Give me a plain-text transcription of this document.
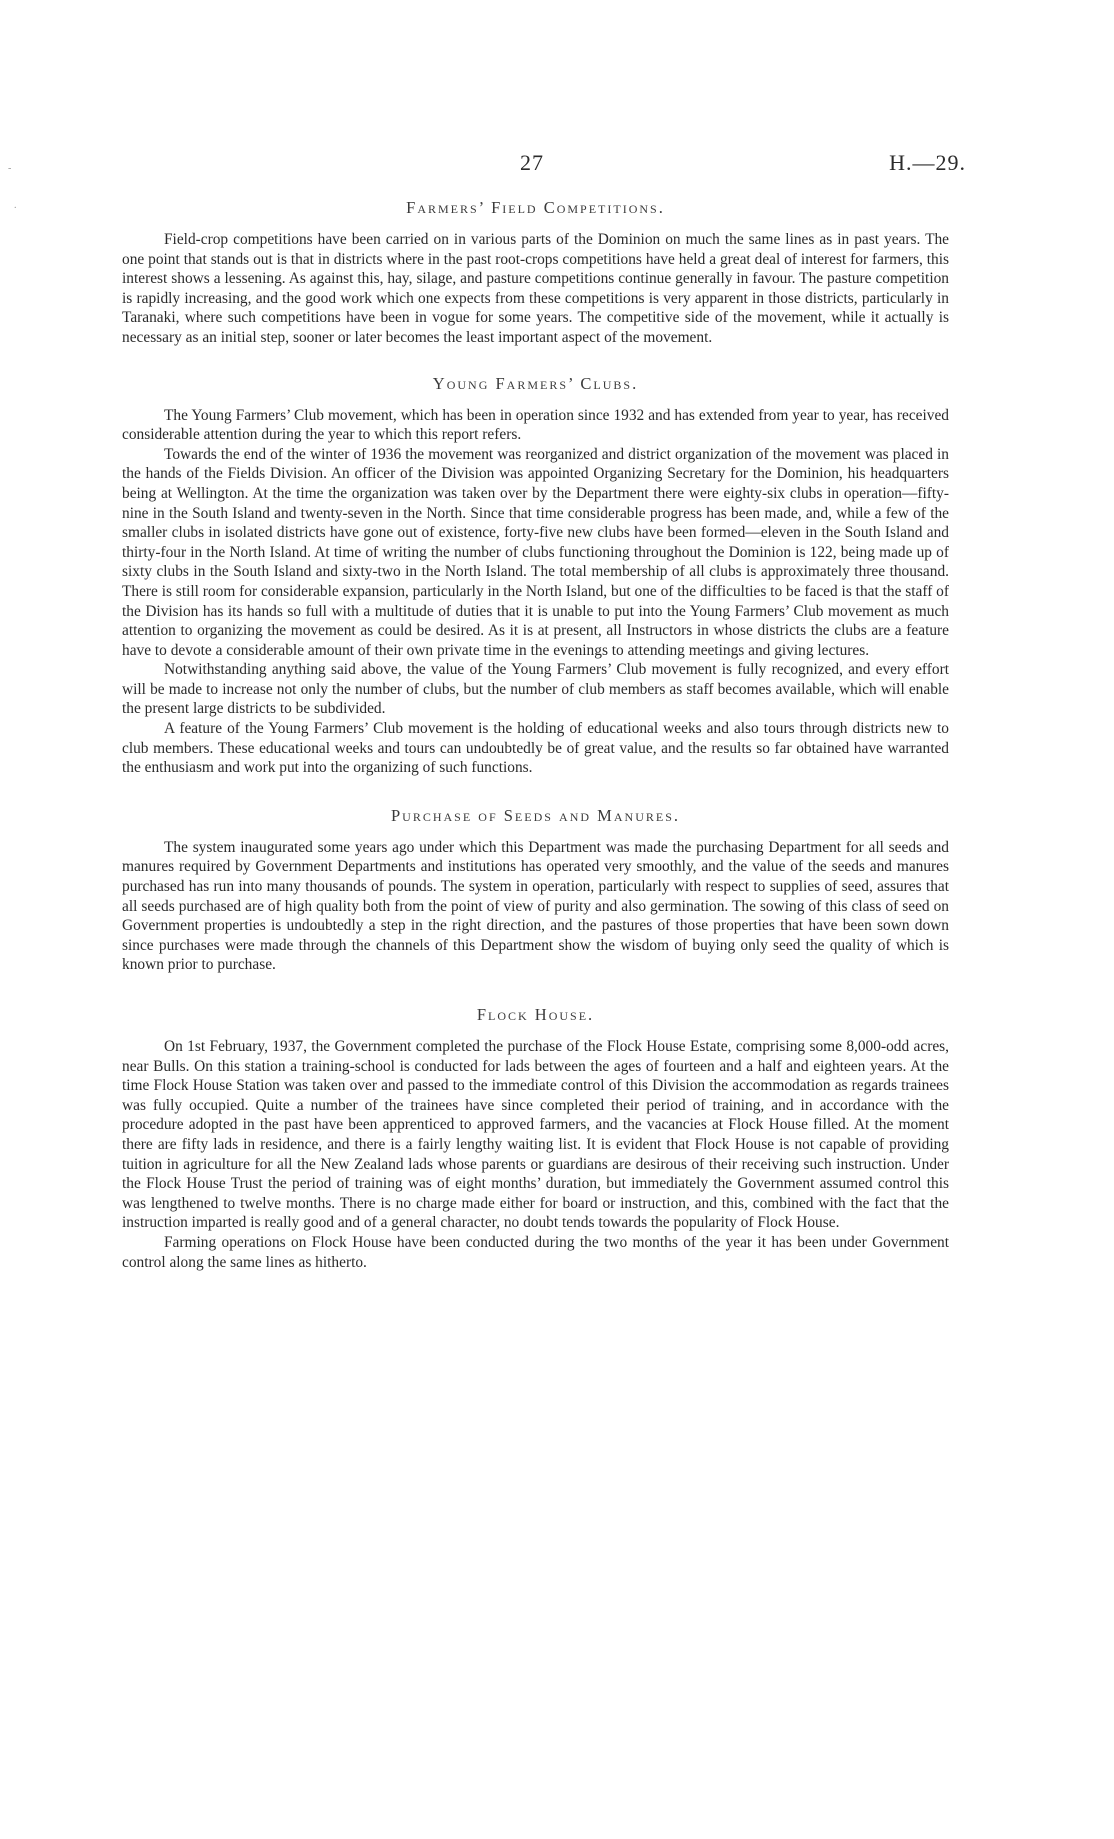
-
.
27	H.—29.
Farmers’ Field Competitions.

Field-crop competitions have been carried on in various parts of the Dominion on much the same lines as in past years. The one point that stands out is that in districts where in the past root-crops competitions have held a great deal of interest for farmers, this interest shows a lessening. As against this, hay, silage, and pasture competitions continue generally in favour. The pasture competition is rapidly increasing, and the good work which one expects from these competitions is very apparent in those districts, particularly in Taranaki, where such competitions have been in vogue for some years. The competitive side of the movement, while it actually is necessary as an initial step, sooner or later becomes the least important aspect of the movement.

Young Farmers’ Clubs.

The Young Farmers’ Club movement, which has been in operation since 1932 and has extended from year to year, has received considerable attention during the year to which this report refers.

Towards the end of the winter of 1936 the movement was reorganized and district organization of the movement was placed in the hands of the Fields Division. An officer of the Division was appointed Organizing Secretary for the Dominion, his headquarters being at Wellington. At the time the organization was taken over by the Department there were eighty-six clubs in operation—fifty-nine in the South Island and twenty-seven in the North. Since that time considerable progress has been made, and, while a few of the smaller clubs in isolated districts have gone out of existence, forty-five new clubs have been formed—eleven in the South Island and thirty-four in the North Island. At time of writing the number of clubs functioning throughout the Dominion is 122, being made up of sixty clubs in the South Island and sixty-two in the North Island. The total membership of all clubs is approximately three thousand. There is still room for considerable expansion, particularly in the North Island, but one of the difficulties to be faced is that the staff of the Division has its hands so full with a multitude of duties that it is unable to put into the Young Farmers’ Club movement as much attention to organizing the movement as could be desired. As it is at present, all Instructors in whose districts the clubs are a feature have to devote a considerable amount of their own private time in the evenings to attending meetings and giving lectures.

Notwithstanding anything said above, the value of the Young Farmers’ Club movement is fully recognized, and every effort will be made to increase not only the number of clubs, but the number of club members as staff becomes available, which will enable the present large districts to be subdivided.

A feature of the Young Farmers’ Club movement is the holding of educational weeks and also tours through districts new to club members. These educational weeks and tours can undoubtedly be of great value, and the results so far obtained have warranted the enthusiasm and work put into the organizing of such functions.

Purchase of Seeds and Manures.

The system inaugurated some years ago under which this Department was made the purchasing Department for all seeds and manures required by Government Departments and institutions has operated very smoothly, and the value of the seeds and manures purchased has run into many thousands of pounds. The system in operation, particularly with respect to supplies of seed, assures that all seeds purchased are of high quality both from the point of view of purity and also germination. The sowing of this class of seed on Government properties is undoubtedly a step in the right direction, and the pastures of those properties that have been sown down since purchases were made through the channels of this Department show the wisdom of buying only seed the quality of which is known prior to purchase.

Flock House.

On 1st February, 1937, the Government completed the purchase of the Flock House Estate, comprising some 8,000-odd acres, near Bulls. On this station a training-school is conducted for lads between the ages of fourteen and a half and eighteen years. At the time Flock House Station was taken over and passed to the immediate control of this Division the accommodation as regards trainees was fully occupied. Quite a number of the trainees have since completed their period of training, and in accordance with the procedure adopted in the past have been apprenticed to approved farmers, and the vacancies at Flock House filled. At the moment there are fifty lads in residence, and there is a fairly lengthy waiting list. It is evident that Flock House is not capable of providing tuition in agriculture for all the New Zealand lads whose parents or guardians are desirous of their receiving such instruction. Under the Flock House Trust the period of training was of eight months’ duration, but immediately the Government assumed control this was lengthened to twelve months. There is no charge made either for board or instruction, and this, combined with the fact that the instruction imparted is really good and of a general character, no doubt tends towards the popularity of Flock House.

Farming operations on Flock House have been conducted during the two months of the year it has been under Government control along the same lines as hitherto.
